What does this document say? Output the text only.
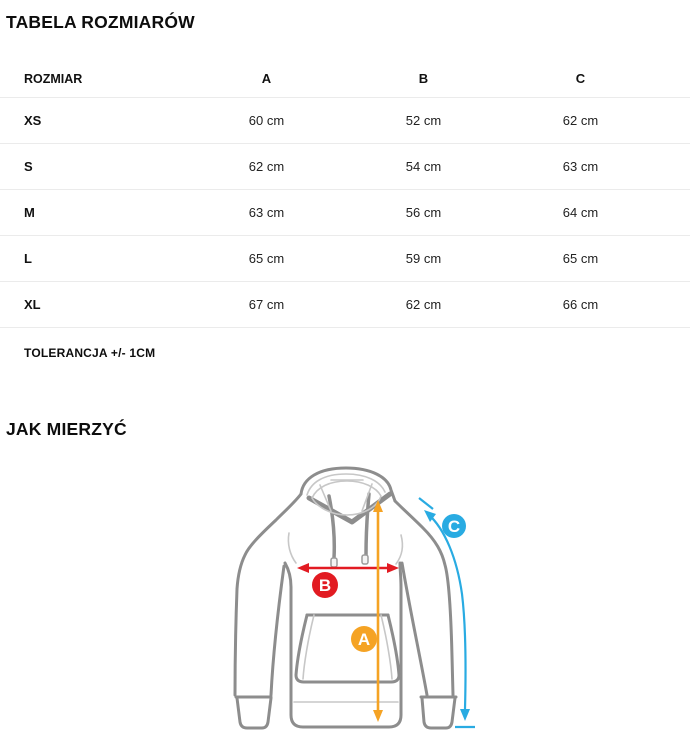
TABELA ROZMIARÓW
ROZMIAR	A	B	C
XS	60 cm	52 cm	62 cm
S	62 cm	54 cm	63 cm
M	63 cm	56 cm	64 cm
L	65 cm	59 cm	65 cm
XL	67 cm	62 cm	66 cm
TOLERANCJA +/- 1CM
JAK MIERZYĆ
A
B
C
